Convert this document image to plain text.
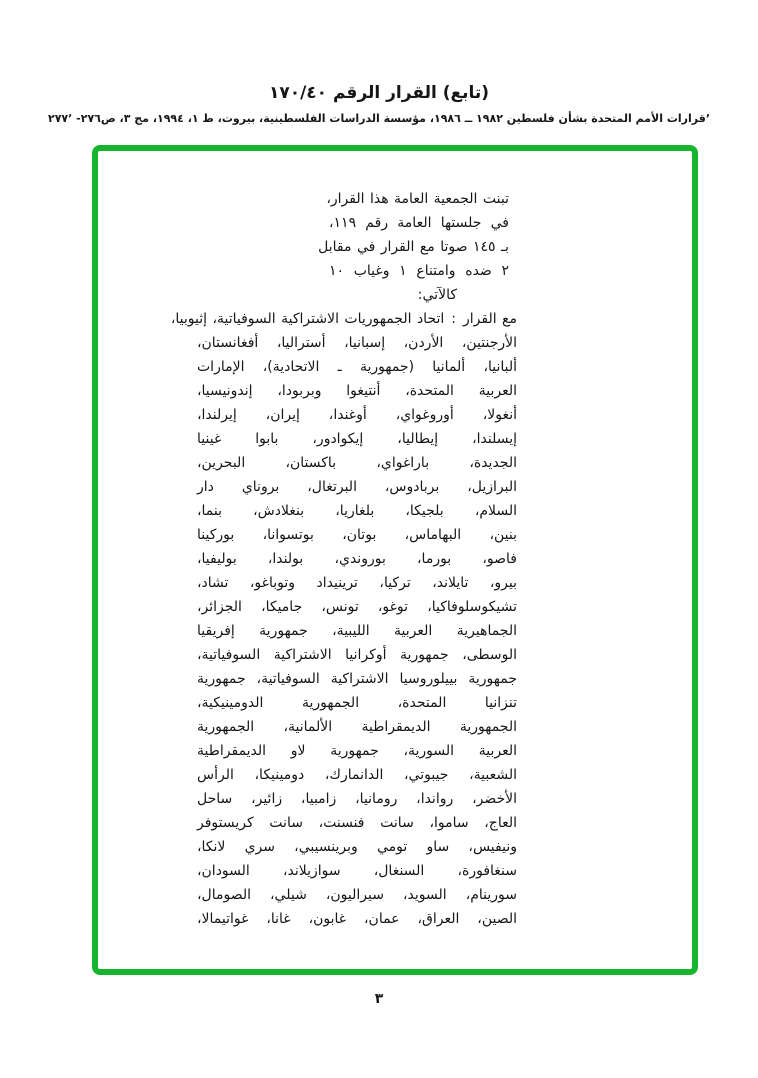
(تابع) القرار الرقم ١٧٠/٤٠
ʼقرارات الأمم المتحدة بشأن فلسطين ١٩٨٢ ــ ١٩٨٦، مؤسسة الدراسات الفلسطينية، بيروت، ط ١، ١٩٩٤، مج ٣، ص٢٧٦- ٢٧٧ʼ
تبنت الجمعية العامة هذا القرار،
في جلستها العامة رقم ١١٩،
بـ ١٤٥ صوتا مع القرار في مقابل
٢ ضده وامتناع ١ وغياب ١٠
كالآتي:
مع القرار:اتحاد الجمهوريات الاشتراكية السوفياتية، إثيوبيا،
الأرجنتين، الأردن، إسبانيا، أستراليا، أفغانستان،
ألبانيا، ألمانيا (جمهورية ـ الاتحادية)، الإمارات
العربية المتحدة، أنتيغوا وبربودا، إندونيسيا،
أنغولا، أوروغواي، أوغندا، إيران، إيرلندا،
إيسلندا، إيطاليا، إيكوادور، بابوا غينيا
الجديدة، باراغواي، باكستان، البحرين،
البرازيل، بربادوس، البرتغال، بروناي دار
السلام، بلجيكا، بلغاريا، بنغلادش، بنما،
بنين، البهاماس، بوتان، بوتسوانا، بوركينا
فاصو، بورما، بوروندي، بولندا، بوليفيا،
بيرو، تايلاند، تركيا، ترينيداد وتوباغو، تشاد،
تشيكوسلوفاكيا، توغو، تونس، جاميكا، الجزائر،
الجماهيرية العربية الليبية، جمهورية إفريقيا
الوسطى، جمهورية أوكرانيا الاشتراكية السوفياتية،
جمهورية بييلوروسيا الاشتراكية السوفياتية، جمهورية
تنزانيا المتحدة، الجمهورية الدومينيكية،
الجمهورية الديمقراطية الألمانية، الجمهورية
العربية السورية، جمهورية لاو الديمقراطية
الشعبية، جيبوتي، الدانمارك، دومينيكا، الرأس
الأخضر، رواندا، رومانيا، زامبيا، زائير، ساحل
العاج، ساموا، سانت فنسنت، سانت كريستوفر
ونيفيس، ساو تومي وبرينسيبي، سري لانكا،
سنغافورة، السنغال، سوازيلاند، السودان،
سورينام، السويد، سيراليون، شيلي، الصومال،
الصين، العراق، عمان، غابون، غانا، غواتيمالا،
٣
